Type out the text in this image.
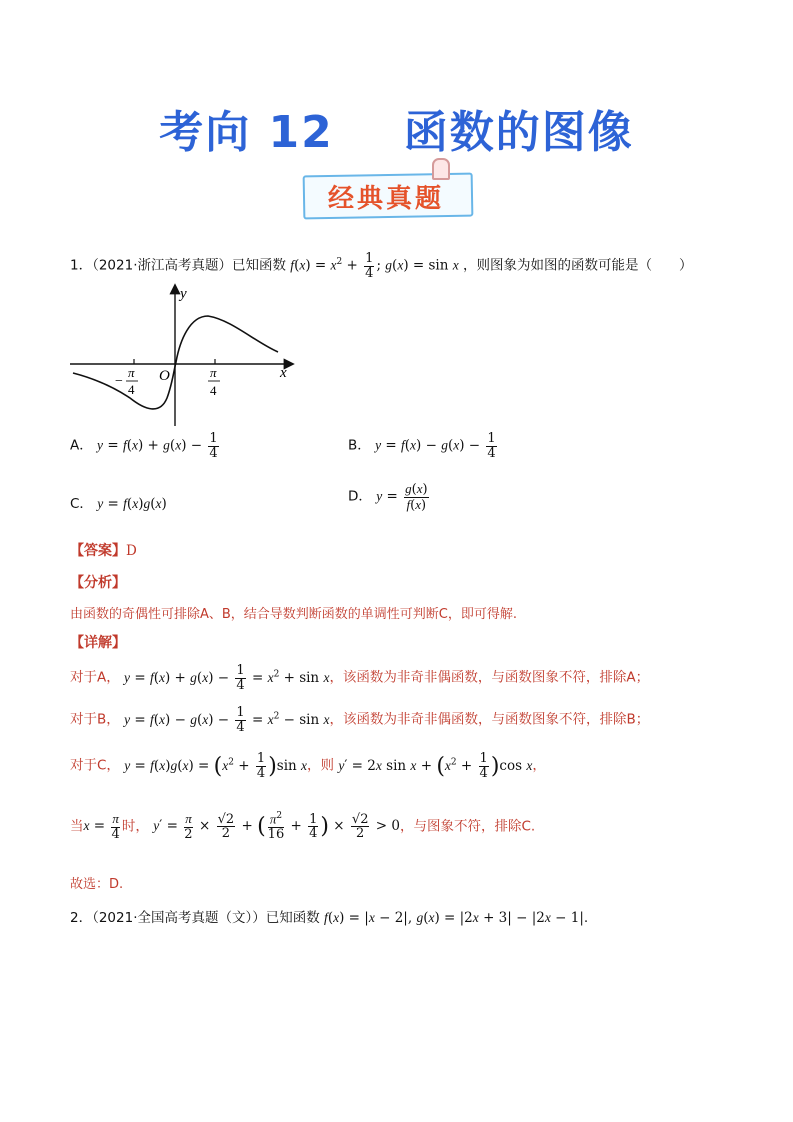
考向 12 函数的图像
经典真题
1．（2021·浙江高考真题）已知函数 $f(x) = x^2 + \frac{1}{4}$ ; g(x) = sin x ，则图象为如图的函数可能是（　　）
y
x
O
−
π
4
π
4
A． $y = f(x) + g(x) - \frac{1}{4}$	B． $y = f(x) - g(x) - \frac{1}{4}$
C． y = f(x)g(x)	D． $y = \frac{g(x)}{f(x)}$
【答案】D
【分析】
由函数的奇偶性可排除A、B，结合导数判断函数的单调性可判断C，即可得解.
【详解】
对于A， $y = f(x) + g(x) - \frac{1}{4} = x^2 + \sin x$，该函数为非奇非偶函数，与函数图象不符，排除A；
对于B， $y = f(x) - g(x) - \frac{1}{4} = x^2 - \sin x$，该函数为非奇非偶函数，与函数图象不符，排除B；
对于C， $y = f(x)g(x) = (x^2 + \frac{1}{4} )\sin$ x，则 y′ = 2x $\sin x + (x^2 + \frac{1}{4} )\cos$ x，
当$x = \frac{\pi}{4}$ 时， $y' = \frac{\pi}{2} \times \frac{√2}{2}$ + ( $\frac{\pi^2}{16} + \frac{1}{4}$ ) × $\frac{√2}{2} > 0$，与图象不符，排除C.
故选：D.
2．（2021·全国高考真题（文））已知函数 f(x) = |x − 2|, g(x) = |2x + 3| − |2x − 1|.
